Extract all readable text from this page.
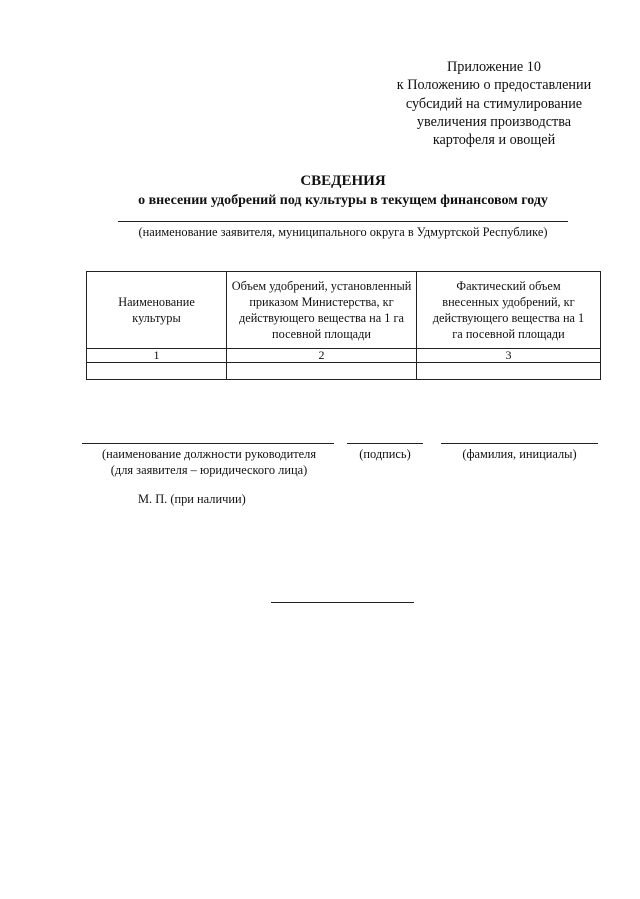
Приложение 10
к Положению о предоставлении
субсидий на стимулирование
увеличения производства
картофеля и овощей
СВЕДЕНИЯ
о внесении удобрений под культуры в текущем финансовом году
(наименование заявителя, муниципального округа в Удмуртской Республике)
Наименование культуры	Объем удобрений, установленный приказом Министерства, кг действующего вещества на 1 га посевной площади	Фактический объем внесенных удобрений, кг действующего вещества на 1 га посевной площади
1	2	3

(наименование должности руководителя
(для заявителя – юридического лица)
(подпись)	(фамилия, инициалы)
М. П. (при наличии)
